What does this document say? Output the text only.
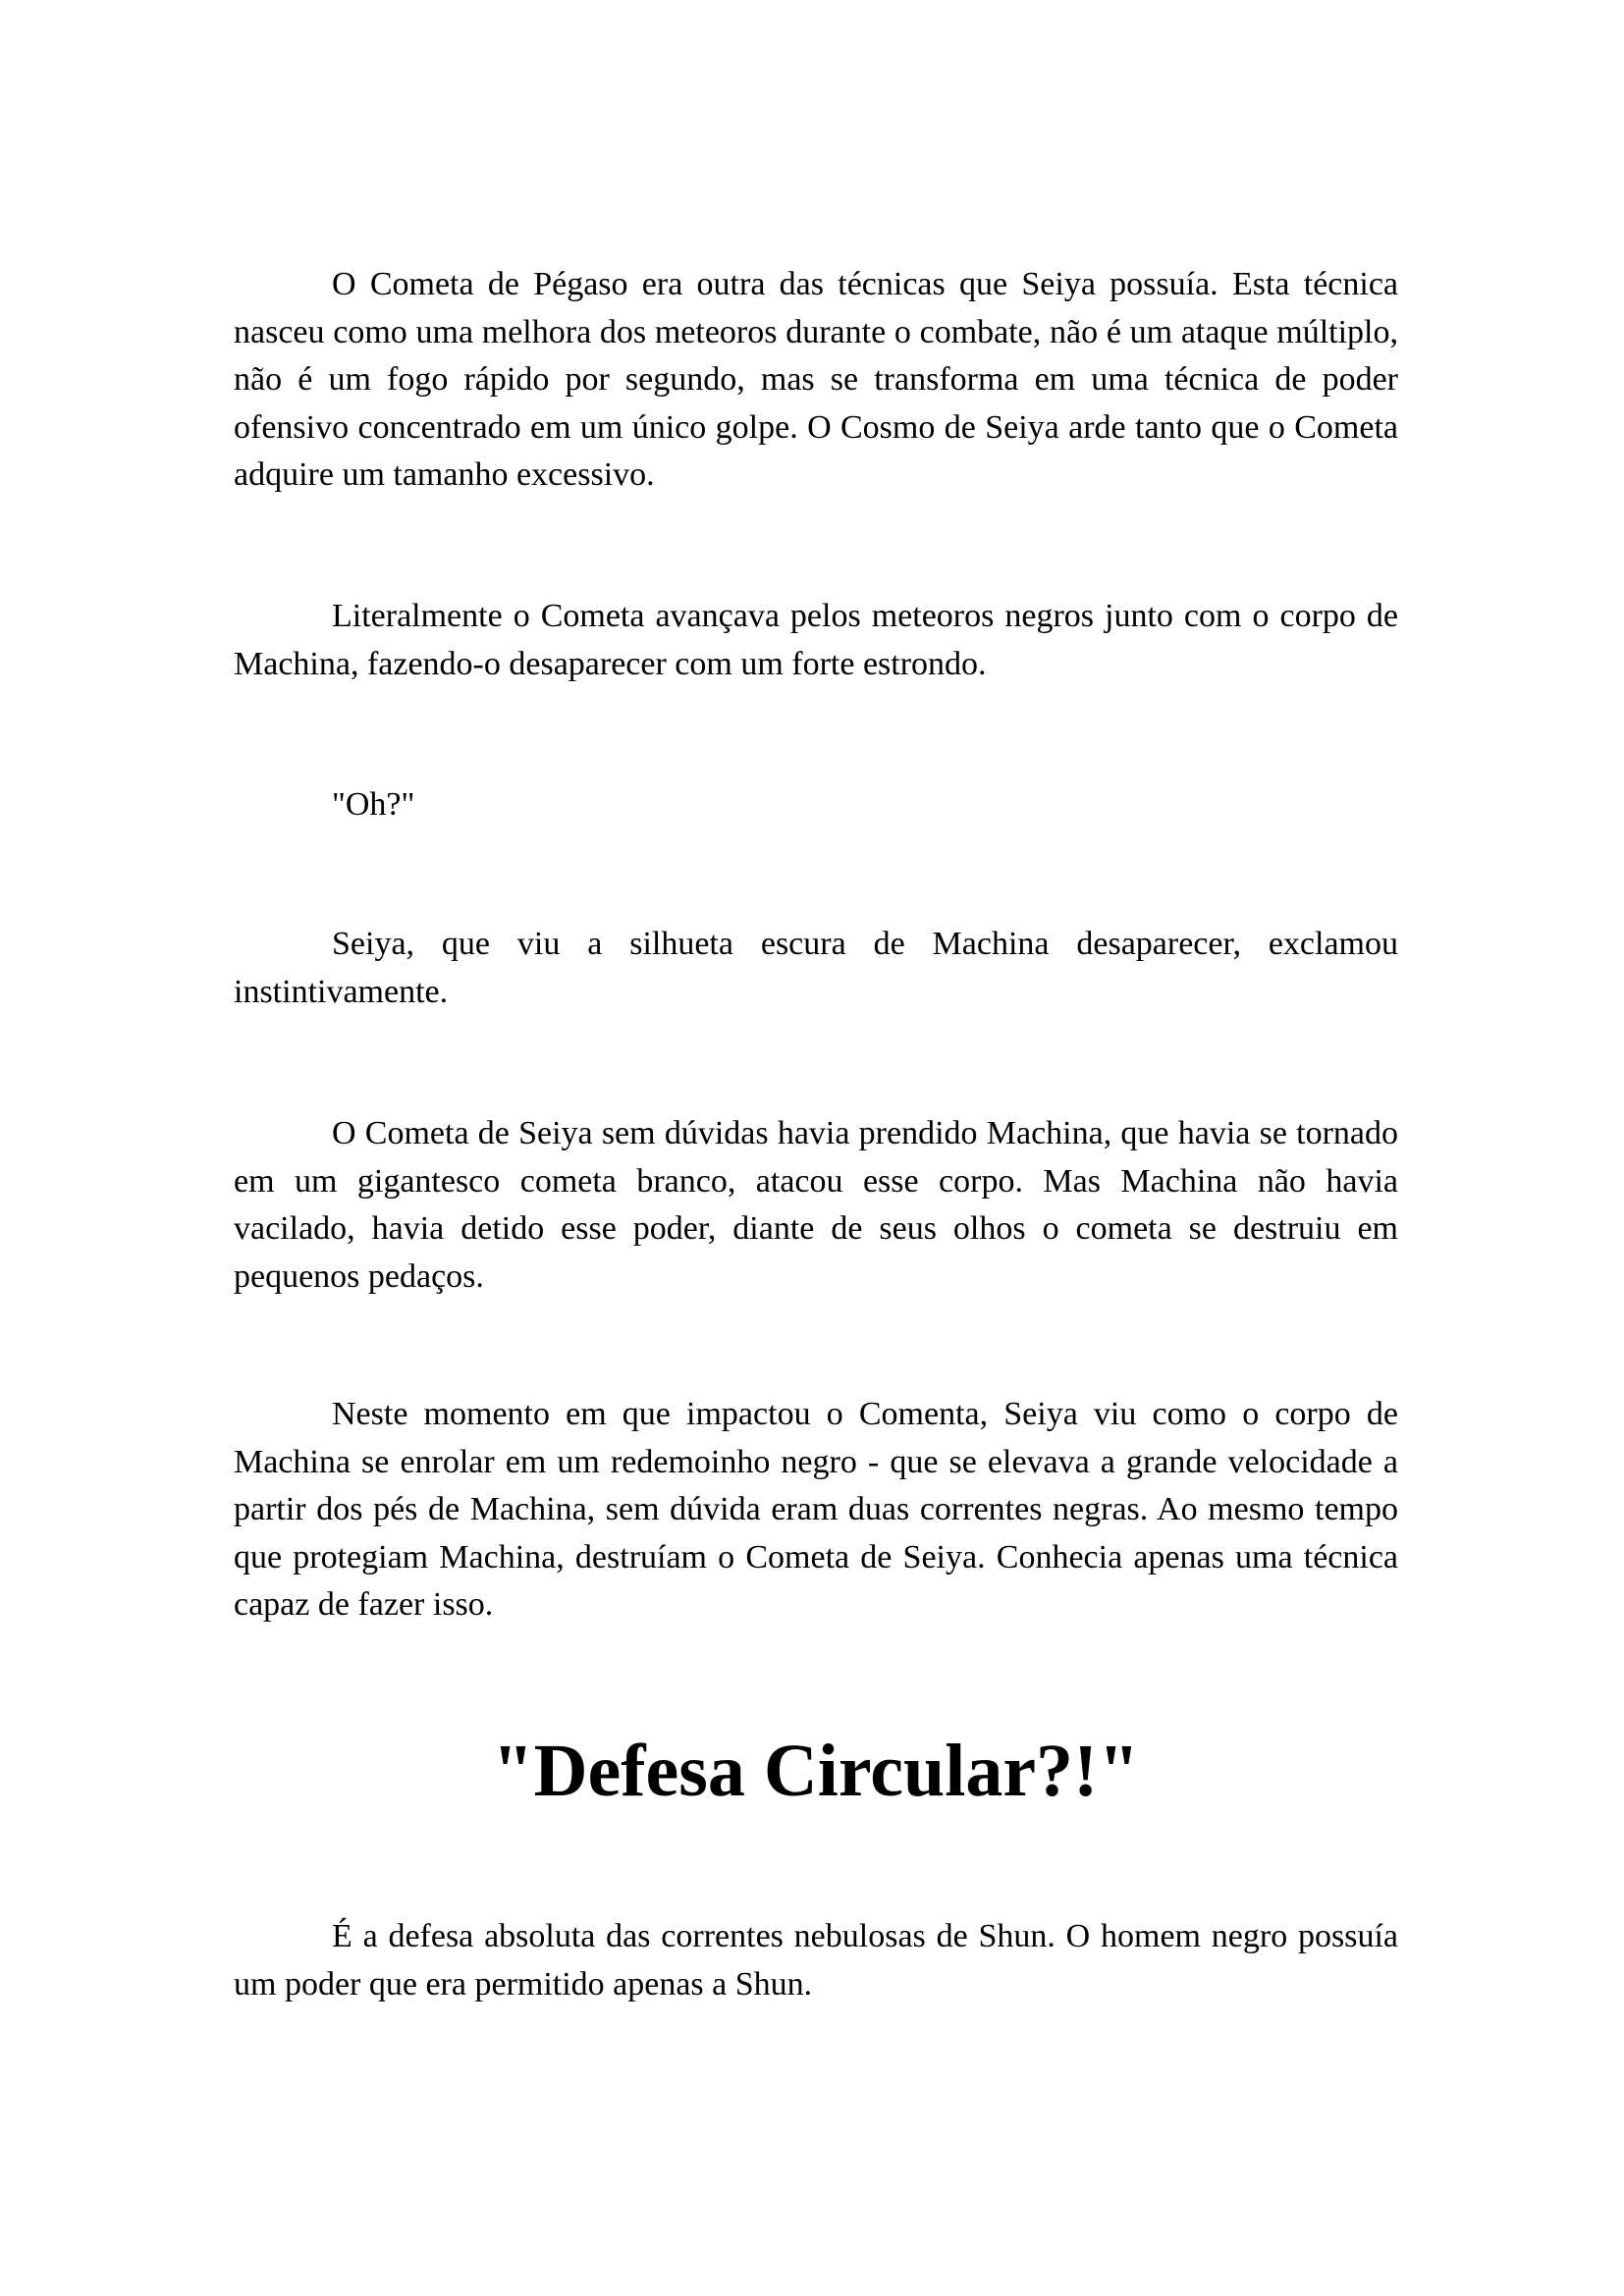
O Cometa de Pégaso era outra das técnicas que Seiya possuía. Esta técnica nasceu como uma melhora dos meteoros durante o combate, não é um ataque múltiplo, não é um fogo rápido por segundo, mas se transforma em uma técnica de poder ofensivo concentrado em um único golpe. O Cosmo de Seiya arde tanto que o Cometa adquire um tamanho excessivo.

Literalmente o Cometa avançava pelos meteoros negros junto com o corpo de Machina, fazendo-o desaparecer com um forte estrondo.

"Oh?"

Seiya, que viu a silhueta escura de Machina desaparecer, exclamou instintivamente.

O Cometa de Seiya sem dúvidas havia prendido Machina, que havia se tornado em um gigantesco cometa branco, atacou esse corpo. Mas Machina não havia vacilado, havia detido esse poder, diante de seus olhos o cometa se destruiu em pequenos pedaços.

Neste momento em que impactou o Comenta, Seiya viu como o corpo de Machina se enrolar em um redemoinho negro - que se elevava a grande velocidade a partir dos pés de Machina, sem dúvida eram duas correntes negras. Ao mesmo tempo que protegiam Machina, destruíam o Cometa de Seiya. Conhecia apenas uma técnica capaz de fazer isso.

"Defesa Circular?!"

É a defesa absoluta das correntes nebulosas de Shun. O homem negro possuía um poder que era permitido apenas a Shun.
